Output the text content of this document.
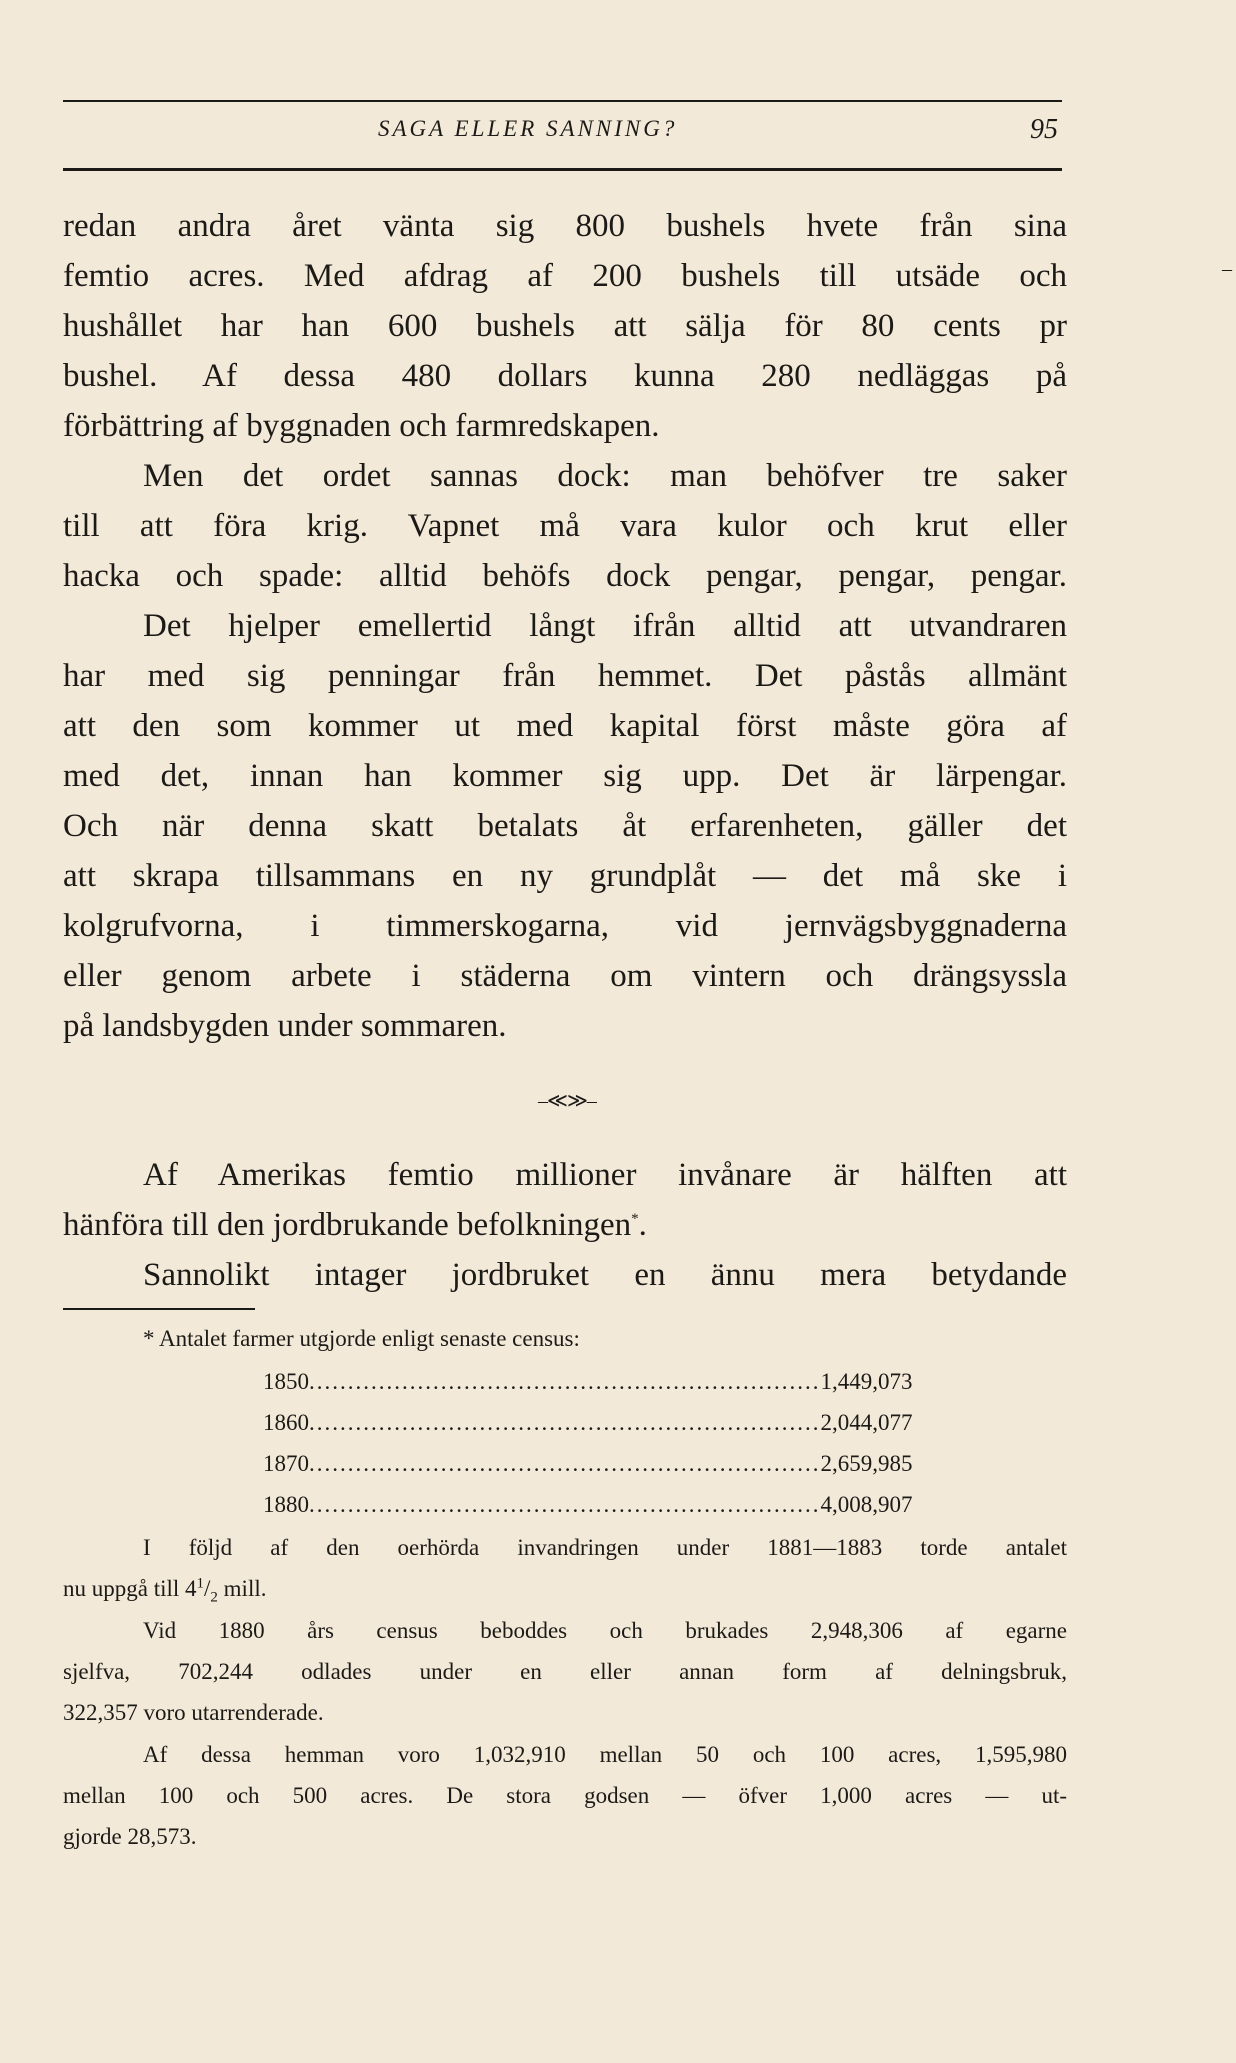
SAGA ELLER SANNING?	95
–
redan andra året vänta sig 800 bushels hvete från sina
femtio acres. Med afdrag af 200 bushels till utsäde och
hushållet har han 600 bushels att sälja för 80 cents pr
bushel. Af dessa 480 dollars kunna 280 nedläggas på
förbättring af byggnaden och farmredskapen.
Men det ordet sannas dock: man behöfver tre saker
till att föra krig. Vapnet må vara kulor och krut eller
hacka och spade: alltid behöfs dock pengar, pengar, pengar.
Det hjelper emellertid långt ifrån alltid att utvandraren
har med sig penningar från hemmet. Det påstås allmänt
att den som kommer ut med kapital först måste göra af
med det, innan han kommer sig upp. Det är lärpengar.
Och när denna skatt betalats åt erfarenheten, gäller det
att skrapa tillsammans en ny grundplåt — det må ske i
kolgrufvorna, i timmerskogarna, vid jernvägsbyggnaderna
eller genom arbete i städerna om vintern och drängsyssla
på landsbygden under sommaren.
–≪≫–
Af Amerikas femtio millioner invånare är hälften att
hänföra till den jordbrukande befolkningen*.
Sannolikt intager jordbruket en ännu mera betydande
* Antalet farmer utgjorde enligt senaste census:
1850 .................................................................. 1,449,073
1860 .................................................................. 2,044,077
1870 .................................................................. 2,659,985
1880 .................................................................. 4,008,907
I följd af den oerhörda invandringen under 1881—1883 torde antalet
nu uppgå till $4^1/_2$ mill.
Vid 1880 års census beboddes och brukades 2,948,306 af egarne
sjelfva, 702,244 odlades under en eller annan form af delningsbruk,
322,357 voro utarrenderade.
Af dessa hemman voro 1,032,910 mellan 50 och 100 acres, 1,595,980
mellan 100 och 500 acres. De stora godsen — öfver 1,000 acres — ut-
gjorde 28,573.
